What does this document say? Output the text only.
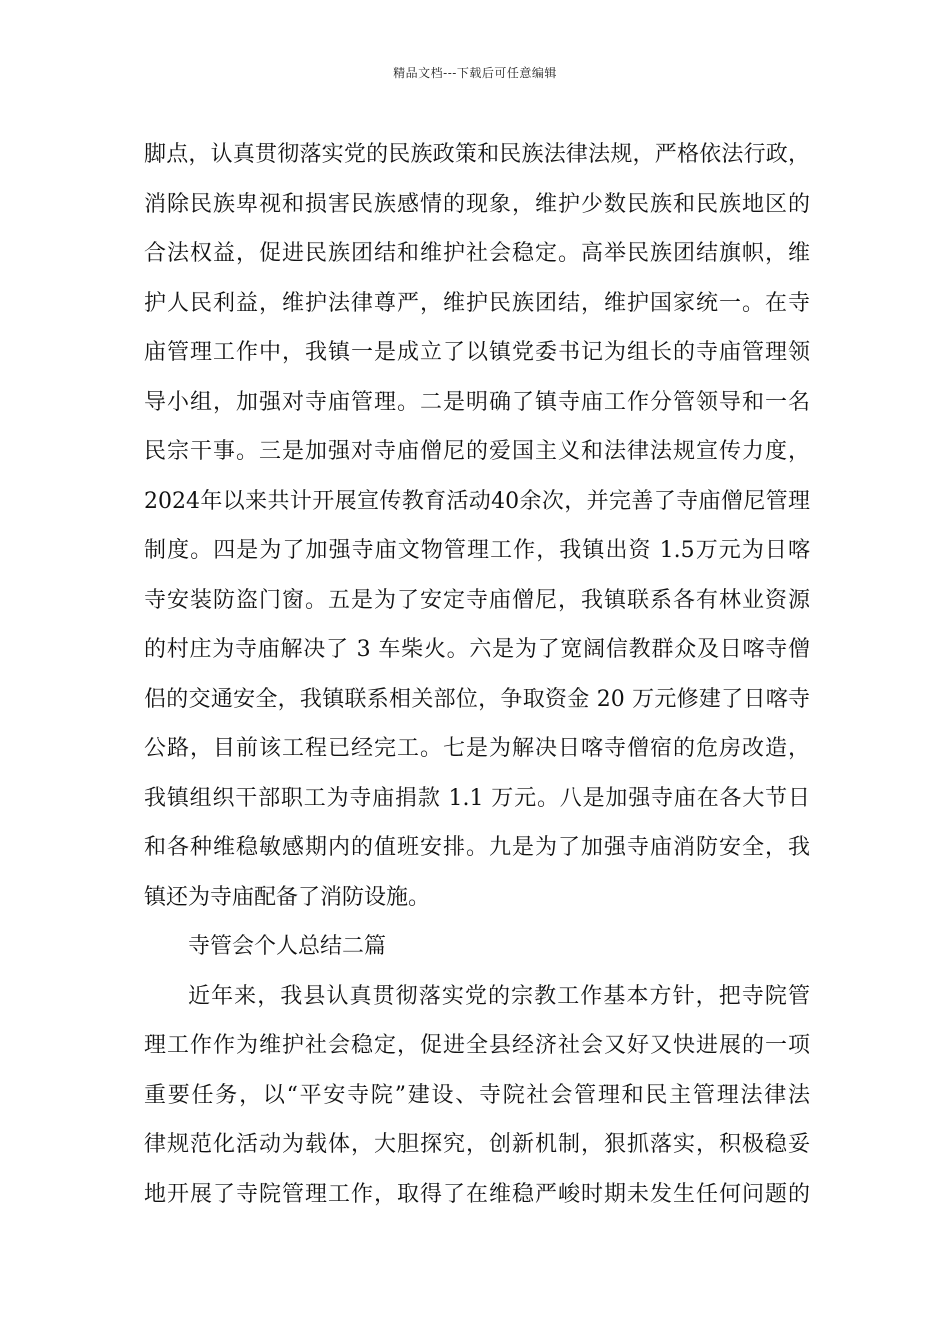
精品文档---下载后可任意编辑
脚点，认真贯彻落实党的民族政策和民族法律法规，严格依法行政，
消除民族卑视和损害民族感情的现象，维护少数民族和民族地区的
合法权益，促进民族团结和维护社会稳定。高举民族团结旗帜，维
护人民利益，维护法律尊严，维护民族团结，维护国家统一。在寺
庙管理工作中，我镇一是成立了以镇党委书记为组长的寺庙管理领
导小组，加强对寺庙管理。二是明确了镇寺庙工作分管领导和一名
民宗干事。三是加强对寺庙僧尼的爱国主义和法律法规宣传力度，
2024年以来共计开展宣传教育活动40余次，并完善了寺庙僧尼管理
制度。四是为了加强寺庙文物管理工作，我镇出资 1.5万元为日喀
寺安装防盗门窗。五是为了安定寺庙僧尼，我镇联系各有林业资源
的村庄为寺庙解决了 3 车柴火。六是为了宽阔信教群众及日喀寺僧
侣的交通安全，我镇联系相关部位，争取资金 20 万元修建了日喀寺
公路，目前该工程已经完工。七是为解决日喀寺僧宿的危房改造，
我镇组织干部职工为寺庙捐款 1.1 万元。八是加强寺庙在各大节日
和各种维稳敏感期内的值班安排。九是为了加强寺庙消防安全，我
镇还为寺庙配备了消防设施。
寺管会个人总结二篇
近年来，我县认真贯彻落实党的宗教工作基本方针，把寺院管
理工作作为维护社会稳定，促进全县经济社会又好又快进展的一项
重要任务，以“平安寺院”建设、寺院社会管理和民主管理法律法
律规范化活动为载体，大胆探究，创新机制，狠抓落实，积极稳妥
地开展了寺院管理工作，取得了在维稳严峻时期未发生任何问题的
